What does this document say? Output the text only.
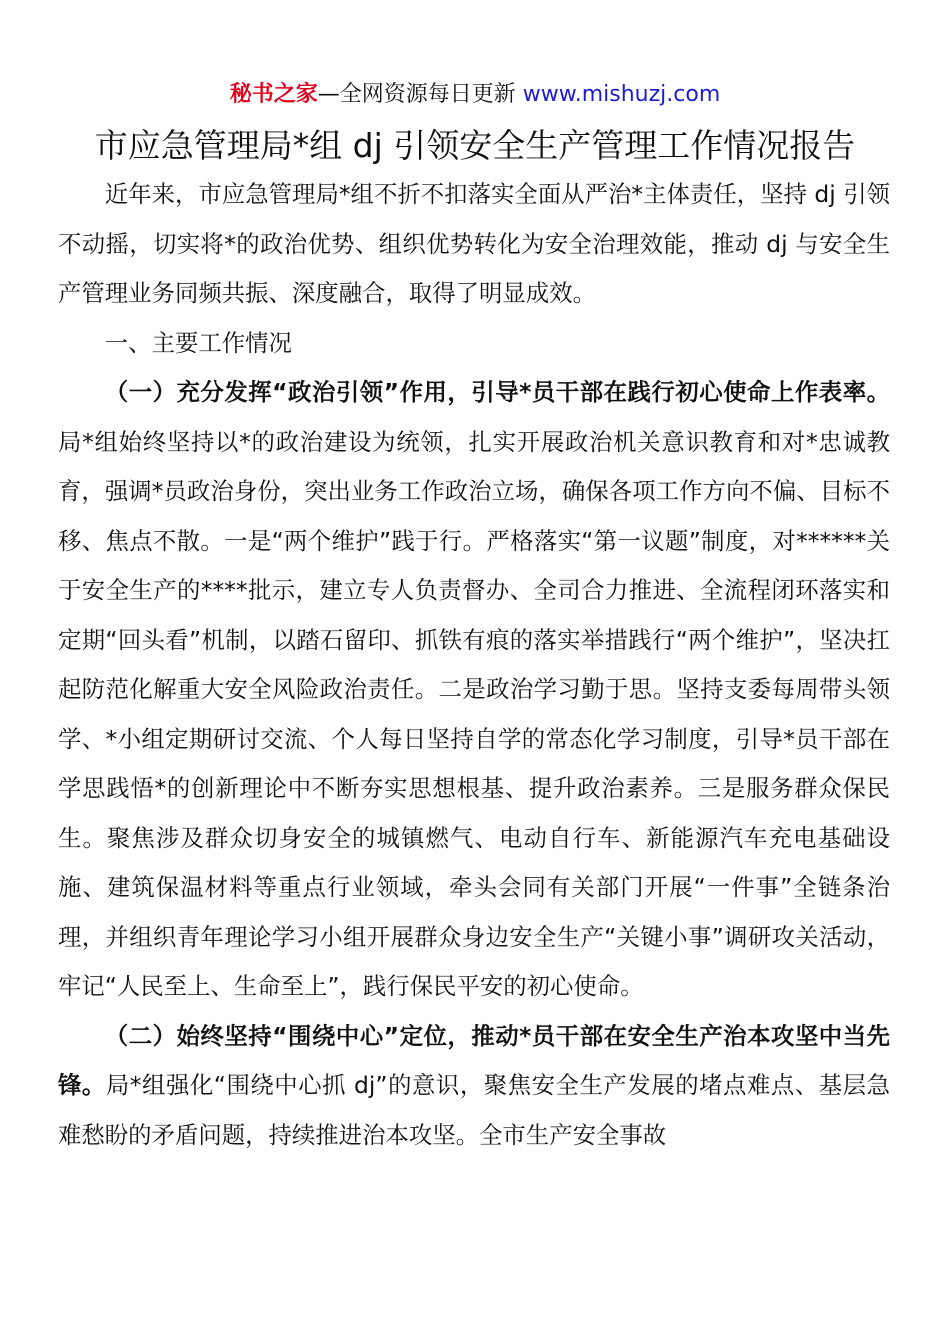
秘书之家—全网资源每日更新 www.mishuzj.com
市应急管理局*组 dj 引领安全生产管理工作情况报告

近年来，市应急管理局*组不折不扣落实全面从严治*主体责任，坚持 dj 引领不动摇，切实将*的政治优势、组织优势转化为安全治理效能，推动 dj 与安全生产管理业务同频共振、深度融合，取得了明显成效。

一、主要工作情况

（一）充分发挥“政治引领”作用，引导*员干部在践行初心使命上作表率。局*组始终坚持以*的政治建设为统领，扎实开展政治机关意识教育和对*忠诚教育，强调*员政治身份，突出业务工作政治立场，确保各项工作方向不偏、目标不移、焦点不散。一是“两个维护”践于行。严格落实“第一议题”制度，对******关于安全生产的****批示，建立专人负责督办、全司合力推进、全流程闭环落实和定期“回头看”机制，以踏石留印、抓铁有痕的落实举措践行“两个维护”，坚决扛起防范化解重大安全风险政治责任。二是政治学习勤于思。坚持支委每周带头领学、*小组定期研讨交流、个人每日坚持自学的常态化学习制度，引导*员干部在学思践悟*的创新理论中不断夯实思想根基、提升政治素养。三是服务群众保民生。聚焦涉及群众切身安全的城镇燃气、电动自行车、新能源汽车充电基础设施、建筑保温材料等重点行业领域，牵头会同有关部门开展“一件事”全链条治理，并组织青年理论学习小组开展群众身边安全生产“关键小事”调研攻关活动，牢记“人民至上、生命至上”，践行保民平安的初心使命。

（二）始终坚持“围绕中心”定位，推动*员干部在安全生产治本攻坚中当先锋。局*组强化“围绕中心抓 dj”的意识，聚焦安全生产发展的堵点难点、基层急难愁盼的矛盾问题，持续推进治本攻坚。全市生产安全事故
